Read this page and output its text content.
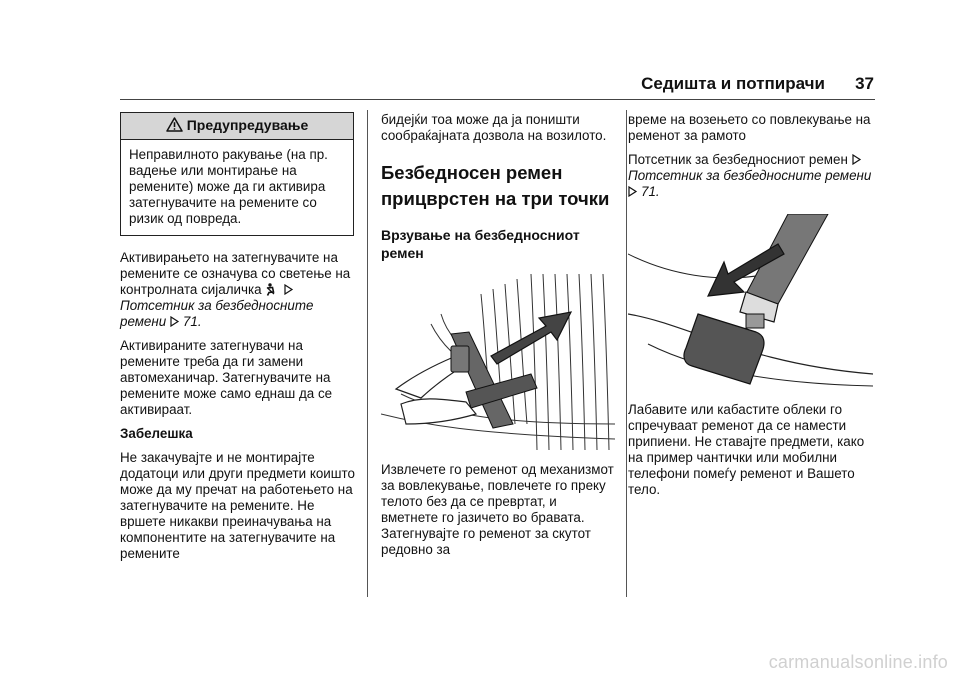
Седишта и потпирачи 37
Предупредување
Неправилното ракување (на пр. вадење или монтирање на ремените) може да ги активира затегнувачите на ремените со ризик од повреда.

Активирањето на затегнувачите на ремените се означува со светење на контролната сијаличка   Потсетник за безбедносните ремени 71.

Активираните затегнувачи на ремените треба да ги замени автомеханичар. Затегнувачите на ремените може само еднаш да се активираат.

Забелешка

Не закачувајте и не монтирајте додатоци или други предмети коишто може да му пречат на работењето на затегнувачите на ремените. Не вршете никакви преиначувања на компонентите на затегнувачите на ремените

бидејќи тоа може да ја поништи сообраќајната дозвола на возилото.

Безбедносен ремен прицврстен на три точки
Врзување на безбедносниот ремен

Извлечете го ременот од механизмот за вовлекување, повлечете го преку телото без да се превртат, и вметнете го јазичето во бравата. Затегнувајте го ременот за скутот редовно за

време на возењето со повлекување на ременот за рамото

Потсетник за безбедносниот ремен  Потсетник за безбедносните ремени 71.

Лабавите или кабастите облеки го спречуваат ременот да се намести припиени. Не ставајте предмети, како на пример чантички или мобилни телефони помеѓу ременот и Вашето тело.

carmanualsonline.info
